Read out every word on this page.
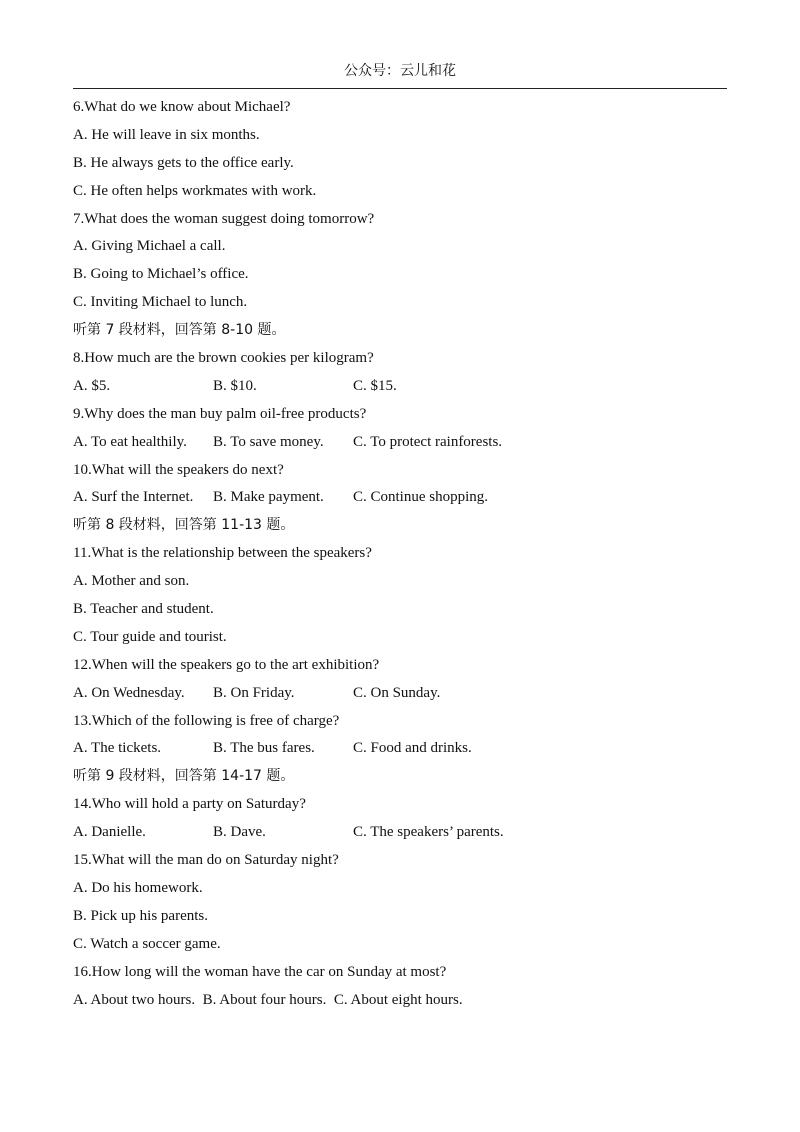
公众号：云儿和花
6.What do we know about Michael?
A. He will leave in six months.
B. He always gets to the office early.
C. He often helps workmates with work.
7.What does the woman suggest doing tomorrow?
A. Giving Michael a call.
B. Going to Michael’s office.
C. Inviting Michael to lunch.
听第 7 段材料，回答第 8-10 题。
8.How much are the brown cookies per kilogram?
A. $5.	B. $10.	C. $15.
9.Why does the man buy palm oil-free products?
A. To eat healthily. B. To save money. C. To protect rainforests.
10.What will the speakers do next?
A. Surf the Internet. B. Make payment. C. Continue shopping.
听第 8 段材料，回答第 11-13 题。
11.What is the relationship between the speakers?
A. Mother and son.
B. Teacher and student.
C. Tour guide and tourist.
12.When will the speakers go to the art exhibition?
A. On Wednesday. B. On Friday.	C. On Sunday.
13.Which of the following is free of charge?
A. The tickets.	B. The bus fares.	C. Food and drinks.
听第 9 段材料，回答第 14-17 题。
14.Who will hold a party on Saturday?
A. Danielle.	B. Dave.	C. The speakers’ parents.
15.What will the man do on Saturday night?
A. Do his homework.
B. Pick up his parents.
C. Watch a soccer game.
16.How long will the woman have the car on Sunday at most?
A. About two hours. B. About four hours. C. About eight hours.
